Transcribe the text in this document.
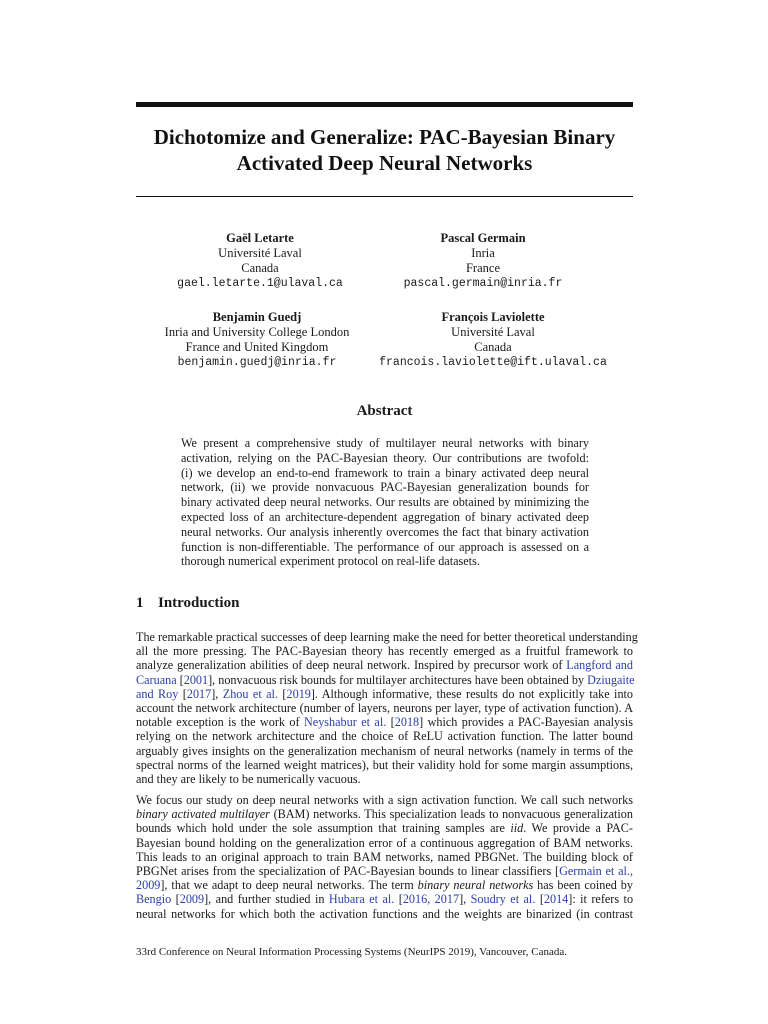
Dichotomize and Generalize: PAC-Bayesian Binary
Activated Deep Neural Networks
Gaël Letarte
Université Laval
Canada
gael.letarte.1@ulaval.ca
Pascal Germain
Inria
France
pascal.germain@inria.fr
Benjamin Guedj
Inria and University College London
France and United Kingdom
benjamin.guedj@inria.fr
François Laviolette
Université Laval
Canada
francois.laviolette@ift.ulaval.ca
Abstract
We present a comprehensive study of multilayer neural networks with binary
activation, relying on the PAC-Bayesian theory. Our contributions are twofold:
(i) we develop an end-to-end framework to train a binary activated deep neural
network, (ii) we provide nonvacuous PAC-Bayesian generalization bounds for
binary activated deep neural networks. Our results are obtained by minimizing the
expected loss of an architecture-dependent aggregation of binary activated deep
neural networks. Our analysis inherently overcomes the fact that binary activation
function is non-differentiable. The performance of our approach is assessed on a
thorough numerical experiment protocol on real-life datasets.
1 Introduction
The remarkable practical successes of deep learning make the need for better theoretical understanding
all the more pressing. The PAC-Bayesian theory has recently emerged as a fruitful framework to
analyze generalization abilities of deep neural network. Inspired by precursor work of Langford and
Caruana [2001], nonvacuous risk bounds for multilayer architectures have been obtained by Dziugaite
and Roy [2017], Zhou et al. [2019]. Although informative, these results do not explicitly take into
account the network architecture (number of layers, neurons per layer, type of activation function). A
notable exception is the work of Neyshabur et al. [2018] which provides a PAC-Bayesian analysis
relying on the network architecture and the choice of ReLU activation function. The latter bound
arguably gives insights on the generalization mechanism of neural networks (namely in terms of the
spectral norms of the learned weight matrices), but their validity hold for some margin assumptions,
and they are likely to be numerically vacuous.
We focus our study on deep neural networks with a sign activation function. We call such networks
binary activated multilayer (BAM) networks. This specialization leads to nonvacuous generalization
bounds which hold under the sole assumption that training samples are iid. We provide a PAC-
Bayesian bound holding on the generalization error of a continuous aggregation of BAM networks.
This leads to an original approach to train BAM networks, named PBGNet. The building block of
PBGNet arises from the specialization of PAC-Bayesian bounds to linear classifiers [Germain et al.,
2009], that we adapt to deep neural networks. The term binary neural networks has been coined by
Bengio [2009], and further studied in Hubara et al. [2016, 2017], Soudry et al. [2014]: it refers to
neural networks for which both the activation functions and the weights are binarized (in contrast
33rd Conference on Neural Information Processing Systems (NeurIPS 2019), Vancouver, Canada.
